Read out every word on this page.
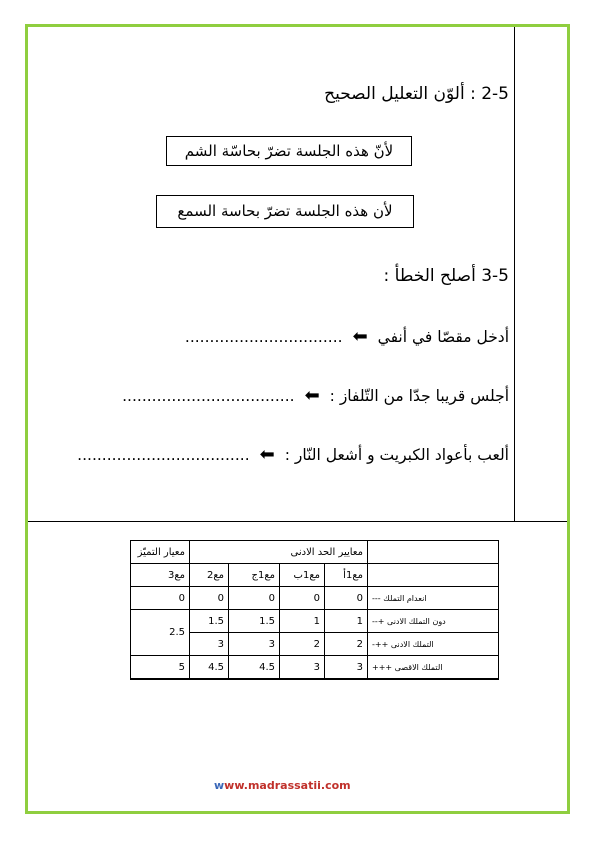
2-5 : ألوّن التعليل الصحيح
لأنّ هذه الجلسة تضرّ بحاسّة الشم
لأن هذه الجلسة تضرّ بحاسة السمع
3-5 أصلح الخطأ :
أدخل مقصّا في أنفي⬅................................
أجلس قريبا جدّا من التّلفاز :⬅...................................
ألعب بأعواد الكبريت و أشعل النّار :⬅...................................
	معايير الحد الادنى				معيار التميّز
	مع1أ	مع1ب	مع1ج	مع2	مع3
انعدام التملك ---	0	0	0	0	0
دون التملك الادنى +--	1	1	1.5	1.5	2.5
التملك الادنى ++-	2	2	3	3	
التملك الاقصى +++	3	3	4.5	4.5	5
www.madrassatii.com
